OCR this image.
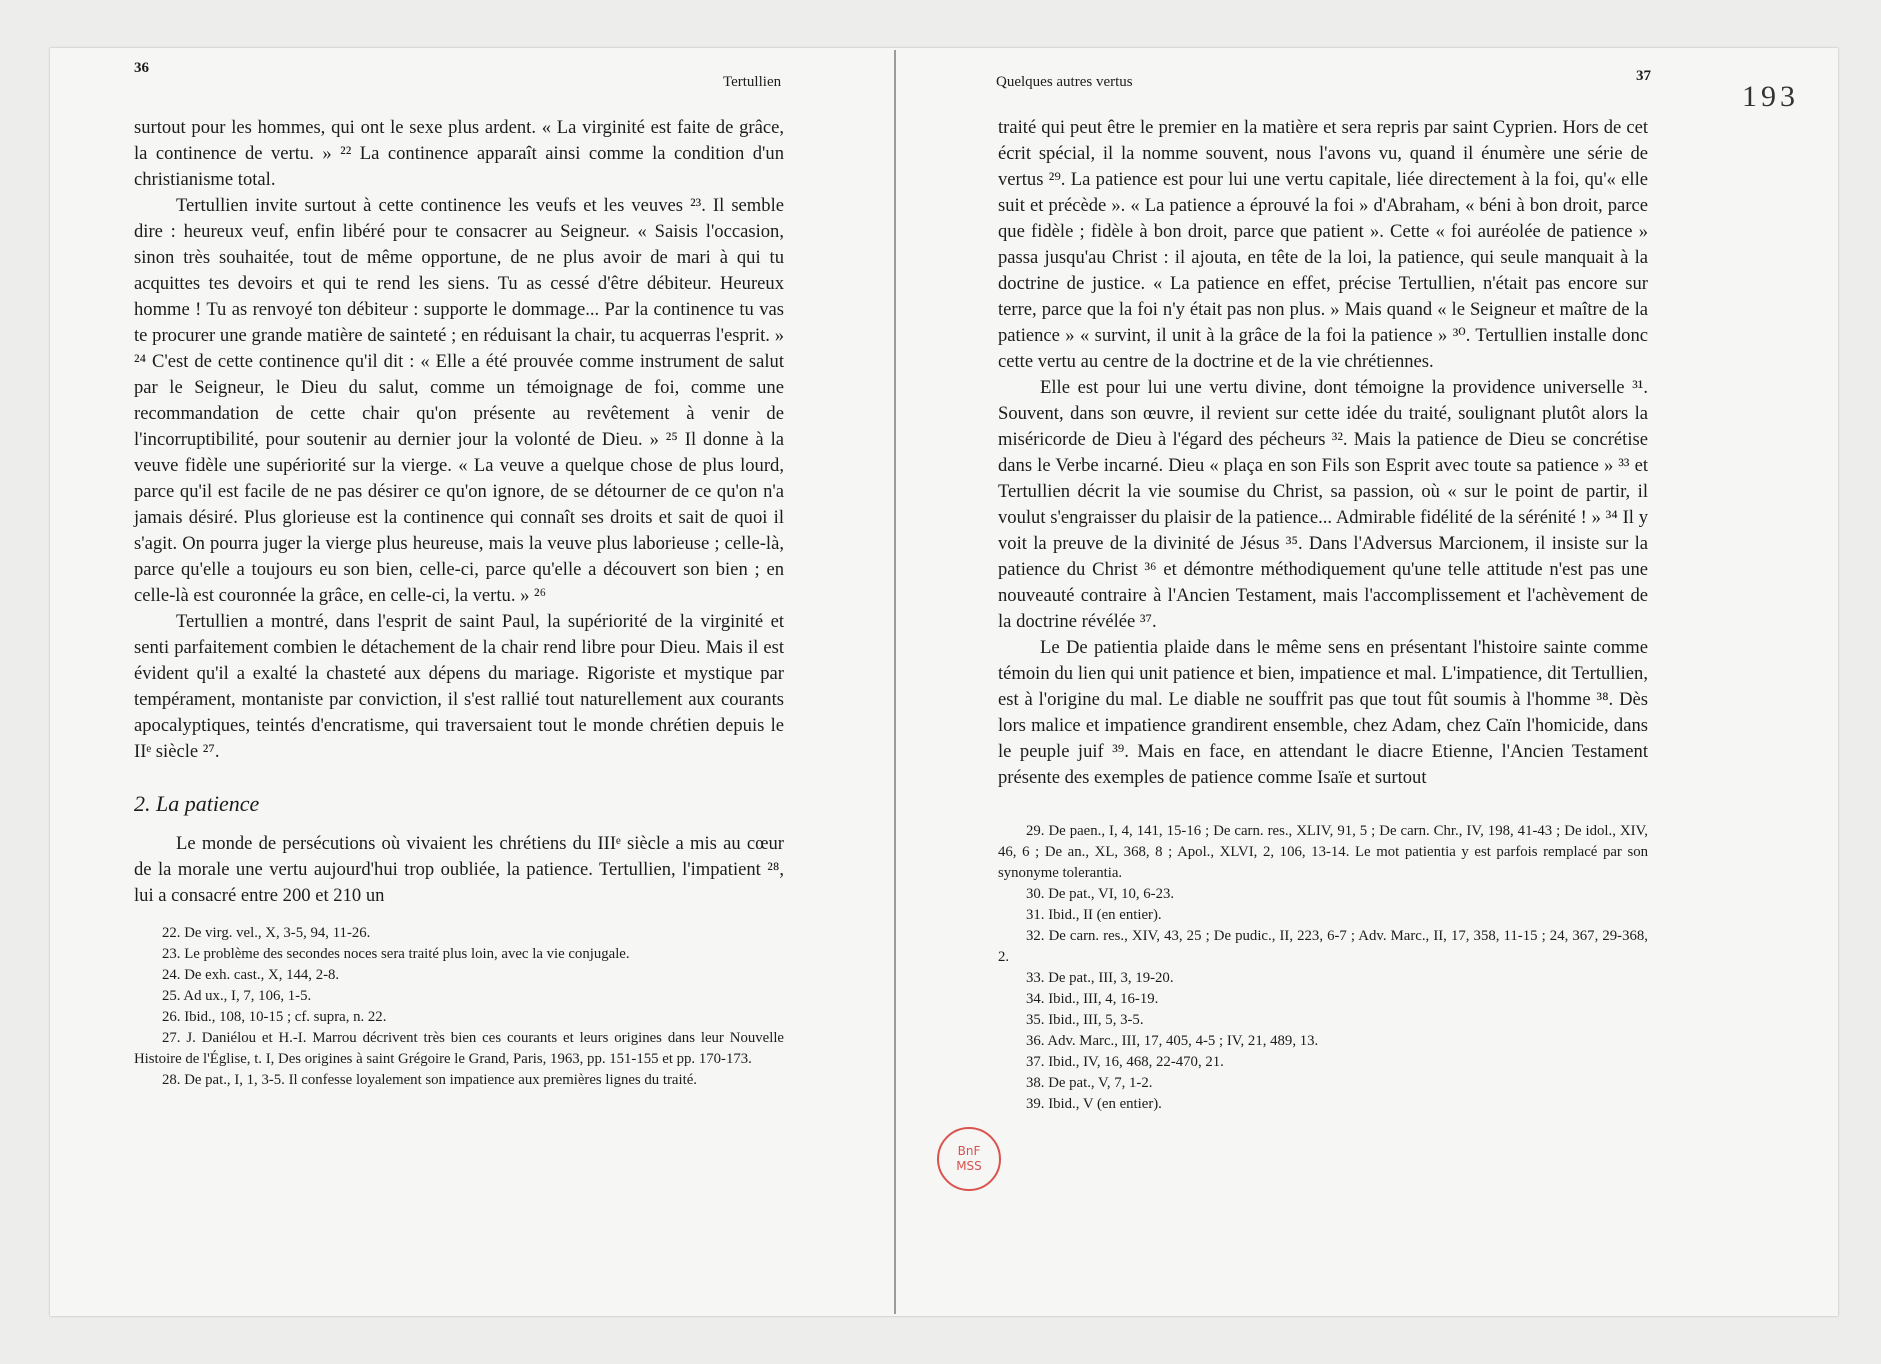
193
BnF
MSS
36
Tertullien

surtout pour les hommes, qui ont le sexe plus ardent. « La virginité est faite de grâce, la continence de vertu. » ²² La continence apparaît ainsi comme la condition d'un christianisme total.

Tertullien invite surtout à cette continence les veufs et les veuves ²³. Il semble dire : heureux veuf, enfin libéré pour te consacrer au Seigneur. « Saisis l'occasion, sinon très souhaitée, tout de même opportune, de ne plus avoir de mari à qui tu acquittes tes devoirs et qui te rend les siens. Tu as cessé d'être débiteur. Heureux homme ! Tu as renvoyé ton débiteur : supporte le dommage... Par la continence tu vas te procurer une grande matière de sainteté ; en réduisant la chair, tu acquerras l'esprit. » ²⁴ C'est de cette continence qu'il dit : « Elle a été prouvée comme instrument de salut par le Seigneur, le Dieu du salut, comme un témoignage de foi, comme une recommandation de cette chair qu'on présente au revêtement à venir de l'incorruptibilité, pour soutenir au dernier jour la volonté de Dieu. » ²⁵ Il donne à la veuve fidèle une supériorité sur la vierge. « La veuve a quelque chose de plus lourd, parce qu'il est facile de ne pas désirer ce qu'on ignore, de se détourner de ce qu'on n'a jamais désiré. Plus glorieuse est la continence qui connaît ses droits et sait de quoi il s'agit. On pourra juger la vierge plus heureuse, mais la veuve plus laborieuse ; celle-là, parce qu'elle a toujours eu son bien, celle-ci, parce qu'elle a découvert son bien ; en celle-là est couronnée la grâce, en celle-ci, la vertu. » ²⁶

Tertullien a montré, dans l'esprit de saint Paul, la supériorité de la virginité et senti parfaitement combien le détachement de la chair rend libre pour Dieu. Mais il est évident qu'il a exalté la chasteté aux dépens du mariage. Rigoriste et mystique par tempérament, montaniste par conviction, il s'est rallié tout naturellement aux courants apocalyptiques, teintés d'encratisme, qui traversaient tout le monde chrétien depuis le IIᵉ siècle ²⁷.

2. La patience

Le monde de persécutions où vivaient les chrétiens du IIIᵉ siècle a mis au cœur de la morale une vertu aujourd'hui trop oubliée, la patience. Tertullien, l'impatient ²⁸, lui a consacré entre 200 et 210 un

22. De virg. vel., X, 3-5, 94, 11-26.
23. Le problème des secondes noces sera traité plus loin, avec la vie conjugale.
24. De exh. cast., X, 144, 2-8.
25. Ad ux., I, 7, 106, 1-5.
26. Ibid., 108, 10-15 ; cf. supra, n. 22.
27. J. Daniélou et H.-I. Marrou décrivent très bien ces courants et leurs origines dans leur Nouvelle Histoire de l'Église, t. I, Des origines à saint Grégoire le Grand, Paris, 1963, pp. 151-155 et pp. 170-173.
28. De pat., I, 1, 3-5. Il confesse loyalement son impatience aux premières lignes du traité.
Quelques autres vertus	37

traité qui peut être le premier en la matière et sera repris par saint Cyprien. Hors de cet écrit spécial, il la nomme souvent, nous l'avons vu, quand il énumère une série de vertus ²⁹. La patience est pour lui une vertu capitale, liée directement à la foi, qu'« elle suit et précède ». « La patience a éprouvé la foi » d'Abraham, « béni à bon droit, parce que fidèle ; fidèle à bon droit, parce que patient ». Cette « foi auréolée de patience » passa jusqu'au Christ : il ajouta, en tête de la loi, la patience, qui seule manquait à la doctrine de justice. « La patience en effet, précise Tertullien, n'était pas encore sur terre, parce que la foi n'y était pas non plus. » Mais quand « le Seigneur et maître de la patience » « survint, il unit à la grâce de la foi la patience » ³⁰. Tertullien installe donc cette vertu au centre de la doctrine et de la vie chrétiennes.

Elle est pour lui une vertu divine, dont témoigne la providence universelle ³¹. Souvent, dans son œuvre, il revient sur cette idée du traité, soulignant plutôt alors la miséricorde de Dieu à l'égard des pécheurs ³². Mais la patience de Dieu se concrétise dans le Verbe incarné. Dieu « plaça en son Fils son Esprit avec toute sa patience » ³³ et Tertullien décrit la vie soumise du Christ, sa passion, où « sur le point de partir, il voulut s'engraisser du plaisir de la patience... Admirable fidélité de la sérénité ! » ³⁴ Il y voit la preuve de la divinité de Jésus ³⁵. Dans l'Adversus Marcionem, il insiste sur la patience du Christ ³⁶ et démontre méthodiquement qu'une telle attitude n'est pas une nouveauté contraire à l'Ancien Testament, mais l'accomplissement et l'achèvement de la doctrine révélée ³⁷.

Le De patientia plaide dans le même sens en présentant l'histoire sainte comme témoin du lien qui unit patience et bien, impatience et mal. L'impatience, dit Tertullien, est à l'origine du mal. Le diable ne souffrit pas que tout fût soumis à l'homme ³⁸. Dès lors malice et impatience grandirent ensemble, chez Adam, chez Caïn l'homicide, dans le peuple juif ³⁹. Mais en face, en attendant le diacre Etienne, l'Ancien Testament présente des exemples de patience comme Isaïe et surtout

29. De paen., I, 4, 141, 15-16 ; De carn. res., XLIV, 91, 5 ; De carn. Chr., IV, 198, 41-43 ; De idol., XIV, 46, 6 ; De an., XL, 368, 8 ; Apol., XLVI, 2, 106, 13-14. Le mot patientia y est parfois remplacé par son synonyme tolerantia.
30. De pat., VI, 10, 6-23.
31. Ibid., II (en entier).
32. De carn. res., XIV, 43, 25 ; De pudic., II, 223, 6-7 ; Adv. Marc., II, 17, 358, 11-15 ; 24, 367, 29-368, 2.
33. De pat., III, 3, 19-20.
34. Ibid., III, 4, 16-19.
35. Ibid., III, 5, 3-5.
36. Adv. Marc., III, 17, 405, 4-5 ; IV, 21, 489, 13.
37. Ibid., IV, 16, 468, 22-470, 21.
38. De pat., V, 7, 1-2.
39. Ibid., V (en entier).
